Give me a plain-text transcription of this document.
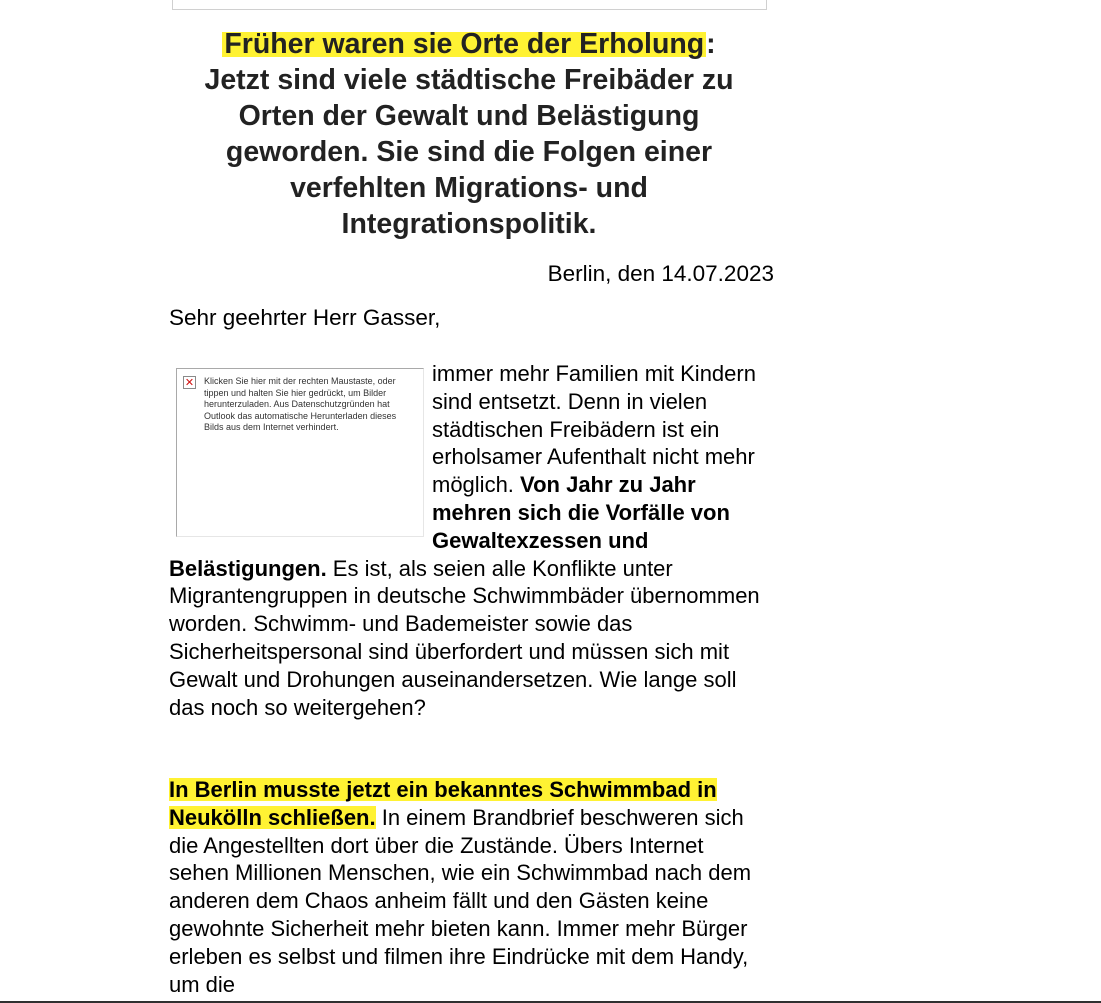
Früher waren sie Orte der Erholung:
Jetzt sind viele städtische Freibäder zu Orten der Gewalt und Belästigung geworden. Sie sind die Folgen einer verfehlten Migrations- und Integrationspolitik.
Berlin, den 14.07.2023
Sehr geehrter Herr Gasser,

✕ Klicken Sie hier mit der rechten Maustaste, oder tippen und halten Sie hier gedrückt, um Bilder herunterzuladen. Aus Datenschutzgründen hat Outlook das automatische Herunterladen dieses Bilds aus dem Internet verhindert.
immer mehr Familien mit Kindern sind entsetzt. Denn in vielen städtischen Freibädern ist ein erholsamer Aufenthalt nicht mehr möglich. Von Jahr zu Jahr mehren sich die Vorfälle von Gewaltexzessen und Belästigungen. Es ist, als seien alle Konflikte unter Migrantengruppen in deutsche Schwimmbäder übernommen worden. Schwimm- und Bademeister sowie das Sicherheitspersonal sind überfordert und müssen sich mit Gewalt und Drohungen auseinandersetzen. Wie lange soll das noch so weitergehen?

In Berlin musste jetzt ein bekanntes Schwimmbad in Neukölln schließen. In einem Brandbrief beschweren sich die Angestellten dort über die Zustände. Übers Internet sehen Millionen Menschen, wie ein Schwimmbad nach dem anderen dem Chaos anheim fällt und den Gästen keine gewohnte Sicherheit mehr bieten kann. Immer mehr Bürger erleben es selbst und filmen ihre Eindrücke mit dem Handy, um die
